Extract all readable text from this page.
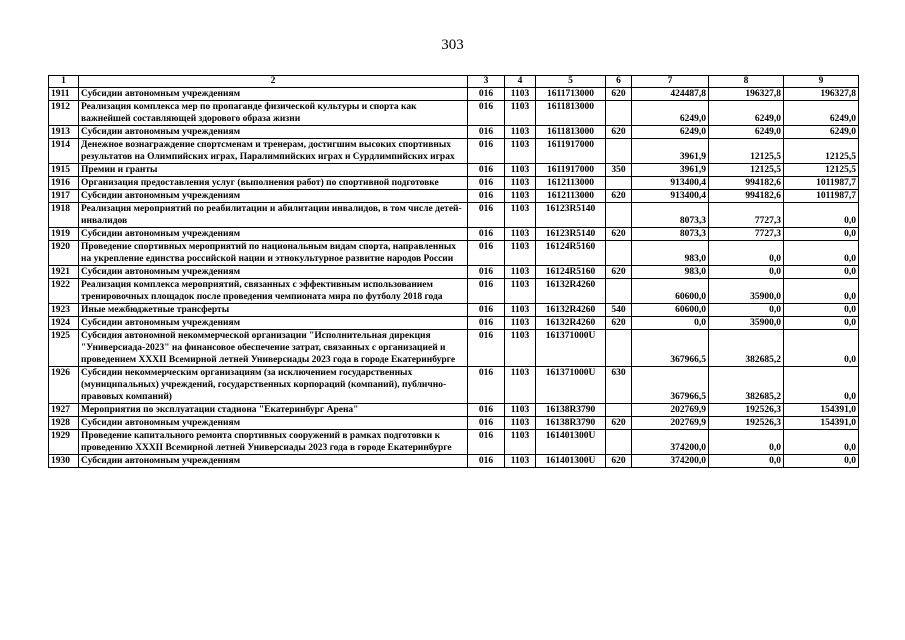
303
1	2	3	4	5	6	7	8	9
1911	Субсидии автономным учреждениям	016	1103	1611713000	620	424487,8	196327,8	196327,8
1912	Реализация комплекса мер по пропаганде физической культуры и спорта как важнейшей составляющей здорового образа жизни	016	1103	1611813000		6249,0	6249,0	6249,0
1913	Субсидии автономным учреждениям	016	1103	1611813000	620	6249,0	6249,0	6249,0
1914	Денежное вознаграждение спортсменам и тренерам, достигшим высоких спортивных результатов на Олимпийских играх, Паралимпийских играх и Сурдлимпийских играх	016	1103	1611917000		3961,9	12125,5	12125,5
1915	Премии и гранты	016	1103	1611917000	350	3961,9	12125,5	12125,5
1916	Организация предоставления услуг (выполнения работ) по спортивной подготовке	016	1103	1612113000		913400,4	994182,6	1011987,7
1917	Субсидии автономным учреждениям	016	1103	1612113000	620	913400,4	994182,6	1011987,7
1918	Реализация мероприятий по реабилитации и абилитации инвалидов, в том числе детей-инвалидов	016	1103	16123R5140		8073,3	7727,3	0,0
1919	Субсидии автономным учреждениям	016	1103	16123R5140	620	8073,3	7727,3	0,0
1920	Проведение спортивных мероприятий по национальным видам спорта, направленных на укрепление единства российской нации и этнокультурное развитие народов России	016	1103	16124R5160		983,0	0,0	0,0
1921	Субсидии автономным учреждениям	016	1103	16124R5160	620	983,0	0,0	0,0
1922	Реализация комплекса мероприятий, связанных с эффективным использованием тренировочных площадок после проведения чемпионата мира по футболу 2018 года	016	1103	16132R4260		60600,0	35900,0	0,0
1923	Иные межбюджетные трансферты	016	1103	16132R4260	540	60600,0	0,0	0,0
1924	Субсидии автономным учреждениям	016	1103	16132R4260	620	0,0	35900,0	0,0
1925	Субсидия автономной некоммерческой организации "Исполнительная дирекция "Универсиада-2023" на финансовое обеспечение затрат, связанных с организацией и проведением XXXII Всемирной летней Универсиады 2023 года в городе Екатеринбурге	016	1103	161371000U		367966,5	382685,2	0,0
1926	Субсидии некоммерческим организациям (за исключением государственных (муниципальных) учреждений, государственных корпораций (компаний), публично-правовых компаний)	016	1103	161371000U	630	367966,5	382685,2	0,0
1927	Мероприятия по эксплуатации стадиона "Екатеринбург Арена"	016	1103	16138R3790		202769,9	192526,3	154391,0
1928	Субсидии автономным учреждениям	016	1103	16138R3790	620	202769,9	192526,3	154391,0
1929	Проведение капитального ремонта спортивных сооружений в рамках подготовки к проведению XXXII Всемирной летней Универсиады 2023 года в городе Екатеринбурге	016	1103	161401300U		374200,0	0,0	0,0
1930	Субсидии автономным учреждениям	016	1103	161401300U	620	374200,0	0,0	0,0
